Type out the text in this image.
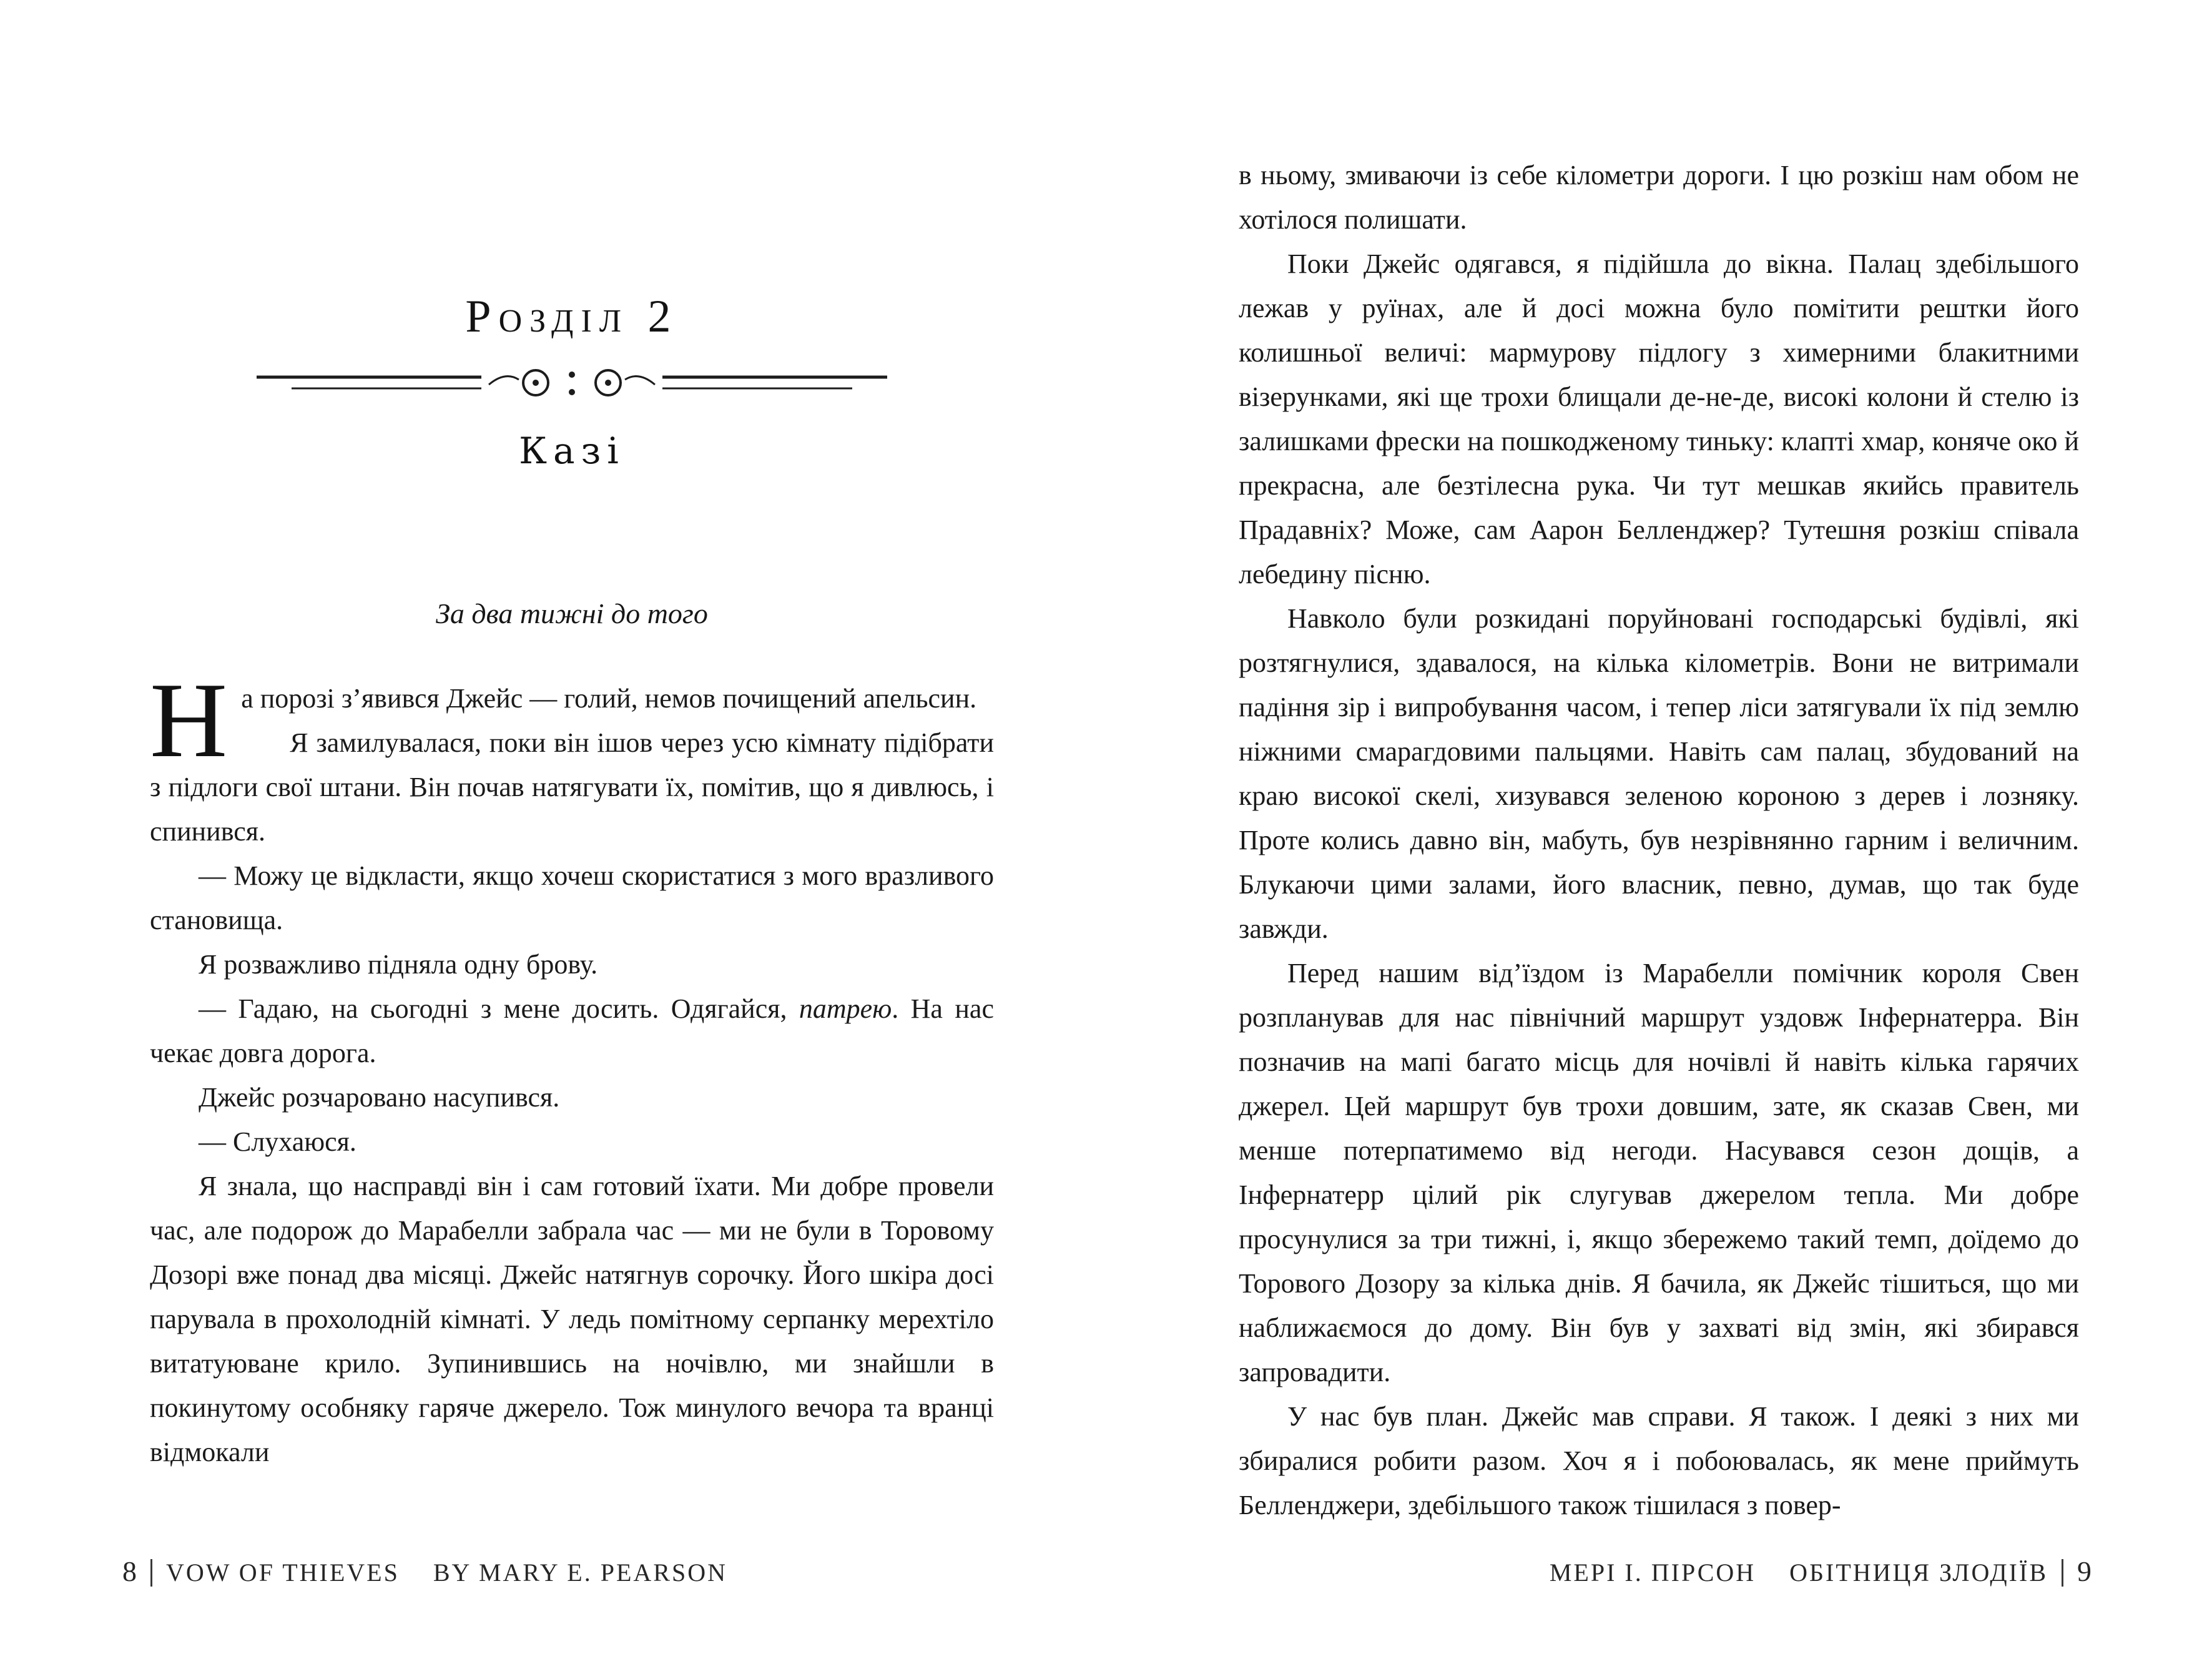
Розділ 2
Казі
За два тижні до того

На порозі з’явився Джейс — голий, немов почищений апельсин.

Я замилувалася, поки він ішов через усю кімнату підібрати з підлоги свої штани. Він почав натягувати їх, помітив, що я дивлюсь, і спинився.

— Можу це відкласти, якщо хочеш скористатися з мого вразливого становища.

Я розважливо підняла одну брову.

— Гадаю, на сьогодні з мене досить. Одягайся, патрею. На нас чекає довга дорога.

Джейс розчаровано насупився.

— Слухаюся.

Я знала, що насправді він і сам готовий їхати. Ми добре провели час, але подорож до Марабелли забрала час — ми не були в Торовому Дозорі вже понад два місяці. Джейс натягнув сорочку. Його шкіра досі парувала в прохолодній кімнаті. У ледь помітному серпанку мерехтіло витатуюване крило. Зупинившись на ночівлю, ми знайшли в покинутому особняку гаряче джерело. Тож минулого вечора та вранці відмокали

в ньому, змиваючи із себе кілометри дороги. І цю розкіш нам обом не хотілося полишати.

Поки Джейс одягався, я підійшла до вікна. Палац здебільшого лежав у руїнах, але й досі можна було помітити рештки його колишньої величі: мармурову підлогу з химерними блакитними візерунками, які ще трохи блищали де-не-де, високі колони й стелю із залишками фрески на пошкодженому тиньку: клапті хмар, коняче око й прекрасна, але безтілесна рука. Чи тут мешкав якийсь правитель Прадавніх? Може, сам Аарон Белленджер? Тутешня розкіш співала лебедину пісню.

Навколо були розкидані поруйновані господарські будівлі, які розтягнулися, здавалося, на кілька кілометрів. Вони не витримали падіння зір і випробування часом, і тепер ліси затягували їх під землю ніжними смарагдовими пальцями. Навіть сам палац, збудований на краю високої скелі, хизувався зеленою короною з дерев і лозняку. Проте колись давно він, мабуть, був незрівнянно гарним і величним. Блукаючи цими залами, його власник, певно, думав, що так буде завжди.

Перед нашим від’їздом із Марабелли помічник короля Свен розпланував для нас північний маршрут уздовж Інфернатерра. Він позначив на мапі багато місць для ночівлі й навіть кілька гарячих джерел. Цей маршрут був трохи довшим, зате, як сказав Свен, ми менше потерпатимемо від негоди. Насувався сезон дощів, а Інфернатерр цілий рік слугував джерелом тепла. Ми добре просунулися за три тижні, і, якщо збережемо такий темп, доїдемо до Торового Дозору за кілька днів. Я бачила, як Джейс тішиться, що ми наближаємося до дому. Він був у захваті від змін, які збирався запровадити.

У нас був план. Джейс мав справи. Я також. І деякі з них ми збиралися робити разом. Хоч я і побоювалась, як мене приймуть Белленджери, здебільшого також тішилася з повер-

8 VOW OF THIEVES BY MARY E. PEARSON	МЕРІ І. ПІРСОН ОБІТНИЦЯ ЗЛОДІЇВ 9
